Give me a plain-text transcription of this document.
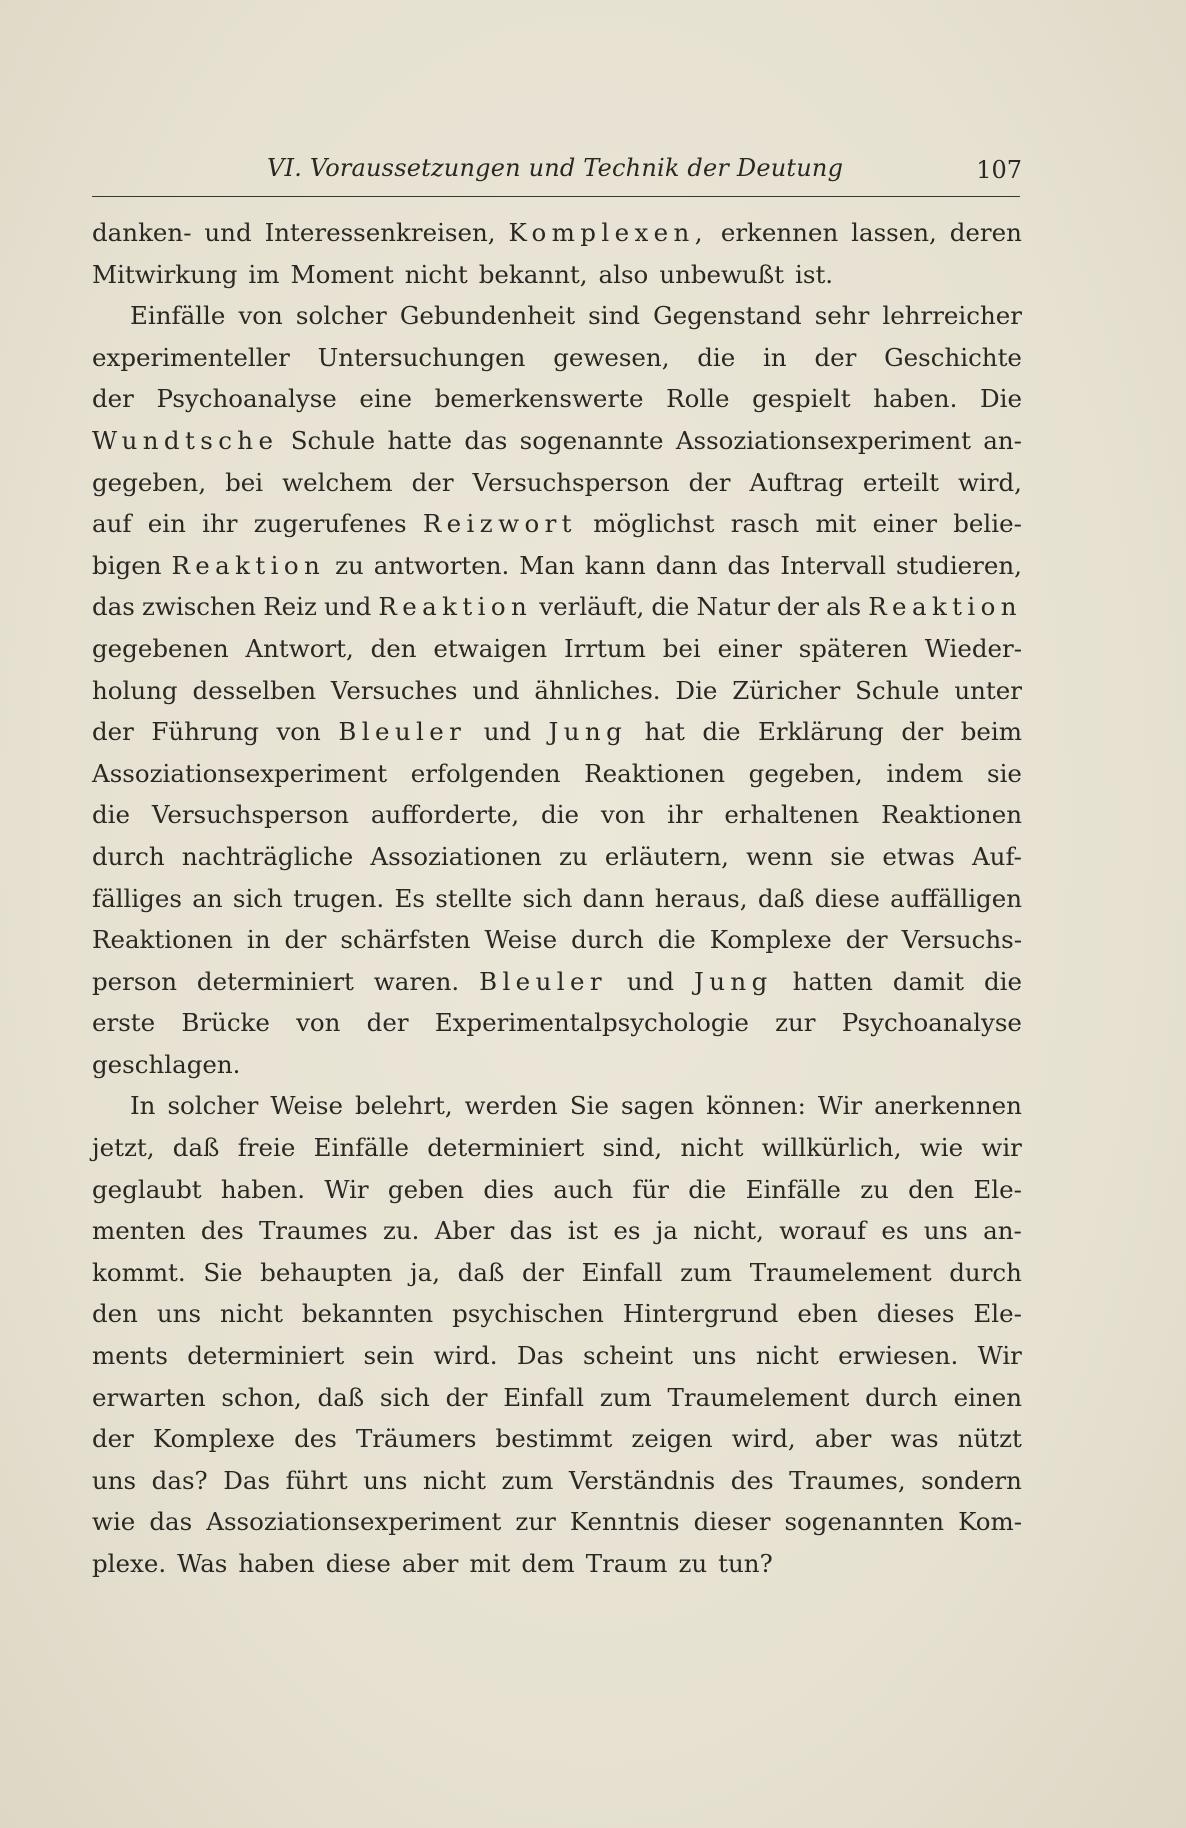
VI. Voraussetzungen und Technik der Deutung	107
danken- und Interessenkreisen, Komplexen, erkennen lassen, deren
Mitwirkung im Moment nicht bekannt, also unbewußt ist.
Einfälle von solcher Gebundenheit sind Gegenstand sehr lehrreicher
experimenteller Untersuchungen gewesen, die in der Geschichte
der Psychoanalyse eine bemerkenswerte Rolle gespielt haben. Die
Wundtsche Schule hatte das sogenannte Assoziationsexperiment an-
gegeben, bei welchem der Versuchsperson der Auftrag erteilt wird,
auf ein ihr zugerufenes Reizwort möglichst rasch mit einer belie-
bigen Reaktion zu antworten. Man kann dann das Intervall studieren,
das zwischen Reiz und Reaktion verläuft, die Natur der als Reaktion
gegebenen Antwort, den etwaigen Irrtum bei einer späteren Wieder-
holung desselben Versuches und ähnliches. Die Züricher Schule unter
der Führung von Bleuler und Jung hat die Erklärung der beim
Assoziationsexperiment erfolgenden Reaktionen gegeben, indem sie
die Versuchsperson aufforderte, die von ihr erhaltenen Reaktionen
durch nachträgliche Assoziationen zu erläutern, wenn sie etwas Auf-
fälliges an sich trugen. Es stellte sich dann heraus, daß diese auffälligen
Reaktionen in der schärfsten Weise durch die Komplexe der Versuchs-
person determiniert waren. Bleuler und Jung hatten damit die
erste Brücke von der Experimentalpsychologie zur Psychoanalyse
geschlagen.
In solcher Weise belehrt, werden Sie sagen können: Wir anerkennen
jetzt, daß freie Einfälle determiniert sind, nicht willkürlich, wie wir
geglaubt haben. Wir geben dies auch für die Einfälle zu den Ele-
menten des Traumes zu. Aber das ist es ja nicht, worauf es uns an-
kommt. Sie behaupten ja, daß der Einfall zum Traumelement durch
den uns nicht bekannten psychischen Hintergrund eben dieses Ele-
ments determiniert sein wird. Das scheint uns nicht erwiesen. Wir
erwarten schon, daß sich der Einfall zum Traumelement durch einen
der Komplexe des Träumers bestimmt zeigen wird, aber was nützt
uns das? Das führt uns nicht zum Verständnis des Traumes, sondern
wie das Assoziationsexperiment zur Kenntnis dieser sogenannten Kom-
plexe. Was haben diese aber mit dem Traum zu tun?
